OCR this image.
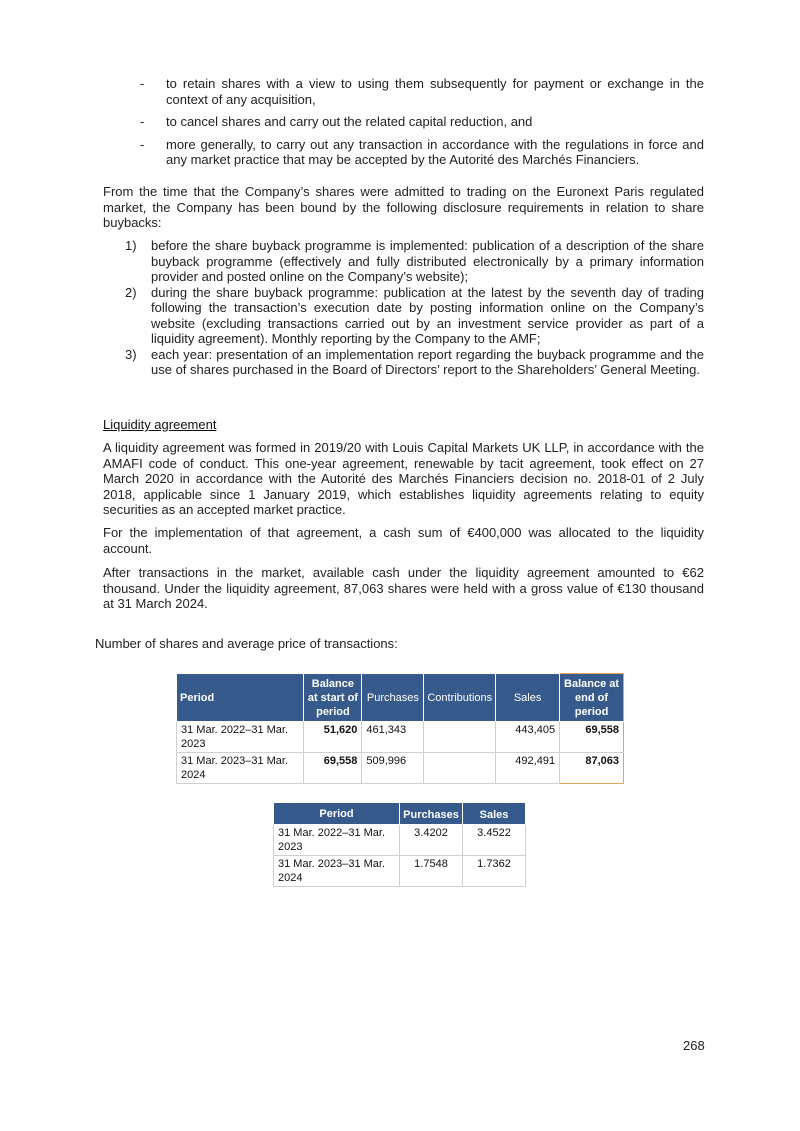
- to retain shares with a view to using them subsequently for payment or exchange in the context of any acquisition,
- to cancel shares and carry out the related capital reduction, and
- more generally, to carry out any transaction in accordance with the regulations in force and any market practice that may be accepted by the Autorité des Marchés Financiers.
From the time that the Company’s shares were admitted to trading on the Euronext Paris regulated market, the Company has been bound by the following disclosure requirements in relation to share buybacks:
1) before the share buyback programme is implemented: publication of a description of the share buyback programme (effectively and fully distributed electronically by a primary information provider and posted online on the Company’s website);
2) during the share buyback programme: publication at the latest by the seventh day of trading following the transaction’s execution date by posting information online on the Company’s website (excluding transactions carried out by an investment service provider as part of a liquidity agreement). Monthly reporting by the Company to the AMF;
3) each year: presentation of an implementation report regarding the buyback programme and the use of shares purchased in the Board of Directors’ report to the Shareholders’ General Meeting.
Liquidity agreement
A liquidity agreement was formed in 2019/20 with Louis Capital Markets UK LLP, in accordance with the AMAFI code of conduct. This one-year agreement, renewable by tacit agreement, took effect on 27 March 2020 in accordance with the Autorité des Marchés Financiers decision no. 2018-01 of 2 July 2018, applicable since 1 January 2019, which establishes liquidity agreements relating to equity securities as an accepted market practice.
For the implementation of that agreement, a cash sum of €400,000 was allocated to the liquidity account.
After transactions in the market, available cash under the liquidity agreement amounted to €62 thousand. Under the liquidity agreement, 87,063 shares were held with a gross value of €130 thousand at 31 March 2024.
Number of shares and average price of transactions:
Period	Balance at start of period	Purchases	Contributions	Sales	Balance at end of period
31 Mar. 2022–31 Mar. 2023	51,620	461,343		443,405	69,558
31 Mar. 2023–31 Mar. 2024	69,558	509,996		492,491	87,063
Period	Purchases	Sales
31 Mar. 2022–31 Mar. 2023	3.4202	3.4522
31 Mar. 2023–31 Mar. 2024	1.7548	1.7362
268
